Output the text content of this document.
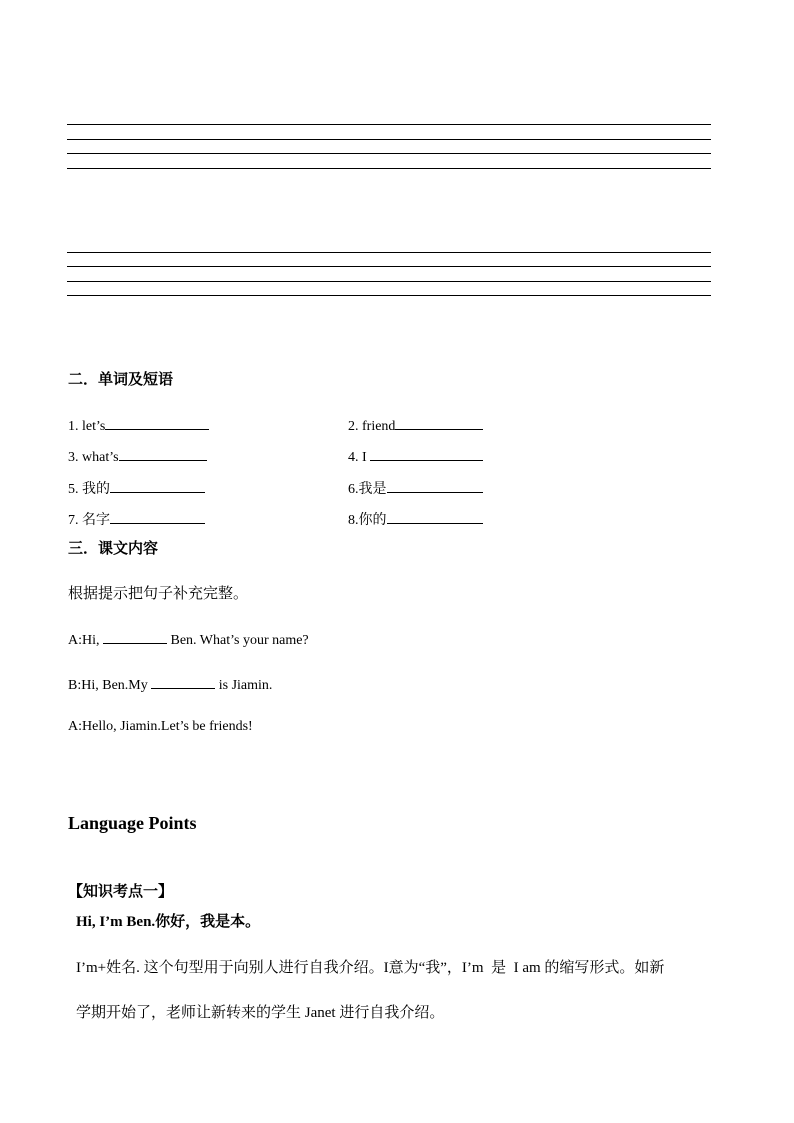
二．单词及短语
1. let’s	2. friend
3. what’s	4. I
5. 我的	6.我是
7. 名字	8.你的
三．课文内容
根据提示把句子补充完整。
A:Hi,	Ben. What’s your name?
B:Hi, Ben.My	is Jiamin.
A:Hello, Jiamin.Let’s be friends!
Language Points
【知识考点一】
Hi, I’m Ben.你好，我是本。
I’m+姓名. 这个句型用于向别人进行自我介绍。I意为“我”，I’m  是  I am 的缩写形式。如新
学期开始了，老师让新转来的学生 Janet 进行自我介绍。
